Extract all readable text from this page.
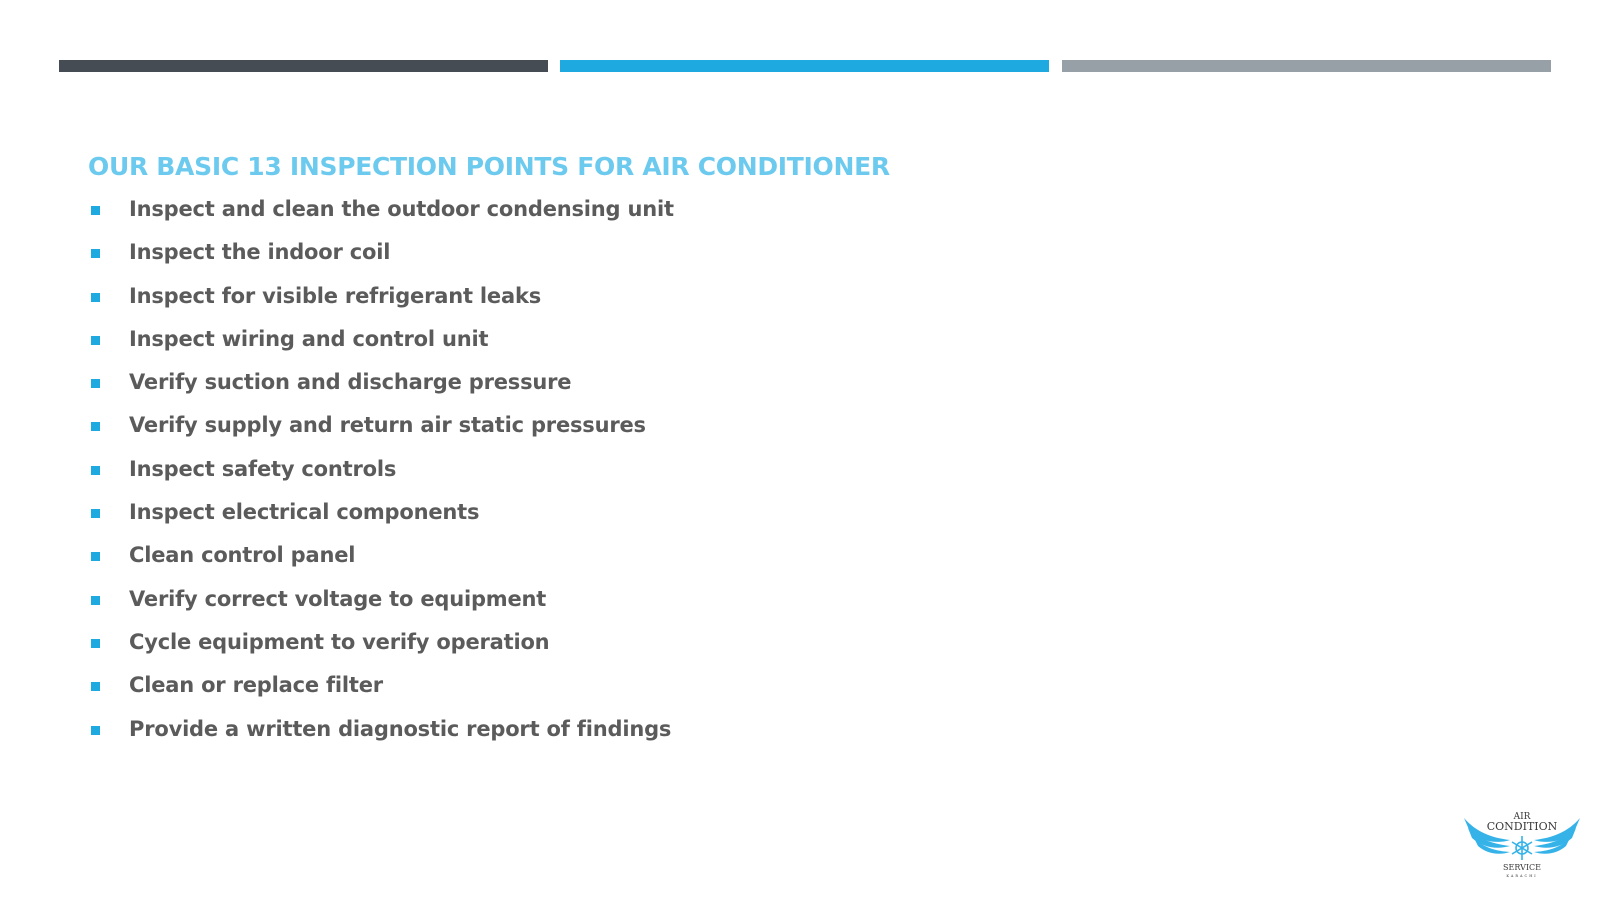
OUR BASIC 13 INSPECTION POINTS FOR AIR CONDITIONER
Inspect and clean the outdoor condensing unit
Inspect the indoor coil
Inspect for visible refrigerant leaks
Inspect wiring and control unit
Verify suction and discharge pressure
Verify supply and return air static pressures
Inspect safety controls
Inspect electrical components
Clean control panel
Verify correct voltage to equipment
Cycle equipment to verify operation
Clean or replace filter
Provide a written diagnostic report of findings
AIR
CONDITION
SERVICE
KARACHI
